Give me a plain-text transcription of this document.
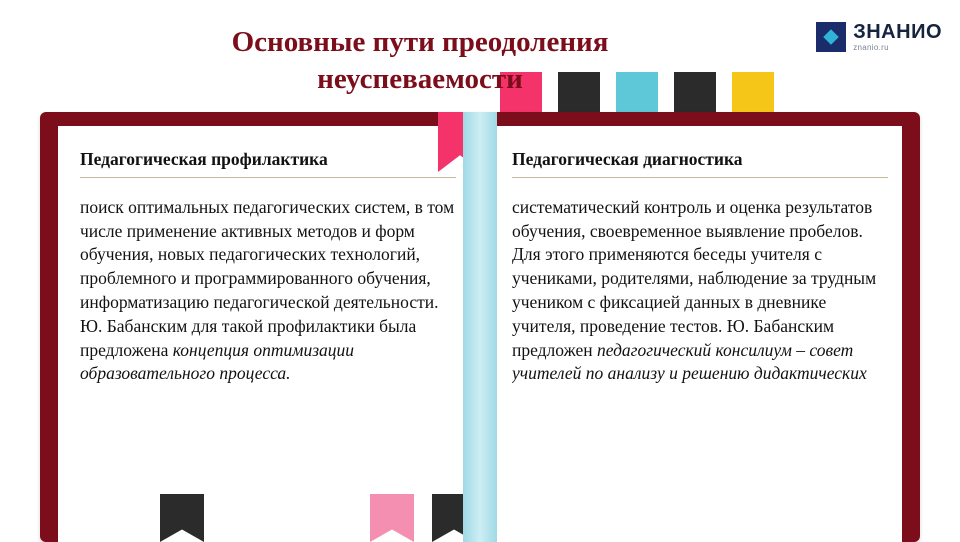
ЗНАНИО
znanio.ru
Основные пути преодоления неуспеваемости

Педагогическая профилактика

поиск оптимальных педагогических систем, в том числе применение активных методов и форм обучения, новых педагогических технологий, проблемного и программированного обучения, информатизацию педагогической деятельности. Ю. Бабанским для такой профилактики была предложена концепция оптимизации образовательного процесса.

Педагогическая диагностика

систематический контроль и оценка результатов обучения, своевременное выявление пробелов. Для этого применяются беседы учителя с учениками, родителями, наблюдение за трудным учеником с фиксацией данных в дневнике учителя, проведение тестов. Ю. Бабанским предложен педагогический консилиум – совет учителей по анализу и решению дидактических
